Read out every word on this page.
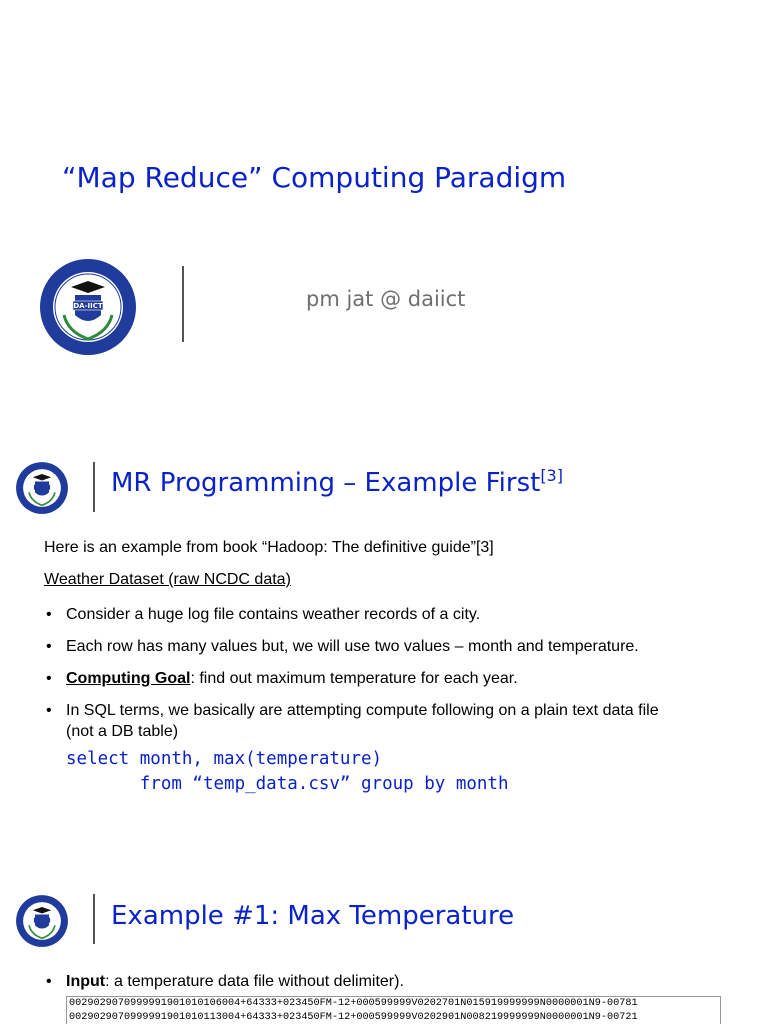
“Map Reduce” Computing Paradigm
DA-IICT	pm jat @ daiict
MR Programming – Example First[3]
Here is an example from book “Hadoop: The definitive guide”[3]
Weather Dataset (raw NCDC data)
• Consider a huge log file contains weather records of a city.
• Each row has many values but, we will use two values – month and temperature.
• Computing Goal: find out maximum temperature for each year.
• In SQL terms, we basically are attempting compute following on a plain text data file
(not a DB table)
select month, max(temperature)
from “temp_data.csv” group by month
Example #1: Max Temperature
• Input: a temperature data file without delimiter).
0029029070999991901010106004+64333+023450FM-12+000599999V0202701N015919999999N0000001N9-00781
0029029070999991901010113004+64333+023450FM-12+000599999V0202901N008219999999N0000001N9-00721
